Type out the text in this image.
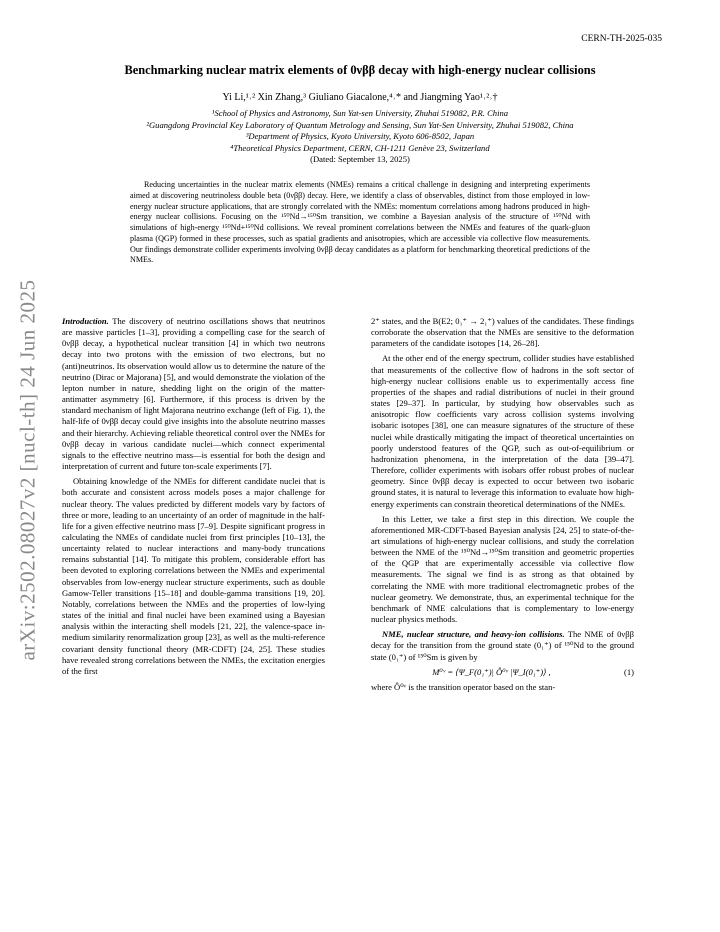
CERN-TH-2025-035
arXiv:2502.08027v2 [nucl-th] 24 Jun 2025
Benchmarking nuclear matrix elements of 0νββ decay with high-energy nuclear collisions
Yi Li,¹˒² Xin Zhang,³ Giuliano Giacalone,⁴˒* and Jiangming Yao¹˒²˒†
¹School of Physics and Astronomy, Sun Yat-sen University, Zhuhai 519082, P.R. China
²Guangdong Provincial Key Laboratory of Quantum Metrology and Sensing, Sun Yat-Sen University, Zhuhai 519082, China
³Department of Physics, Kyoto University, Kyoto 606-8502, Japan
⁴Theoretical Physics Department, CERN, CH-1211 Genève 23, Switzerland
(Dated: September 13, 2025)

Reducing uncertainties in the nuclear matrix elements (NMEs) remains a critical challenge in designing and interpreting experiments aimed at discovering neutrinoless double beta (0νββ) decay. Here, we identify a class of observables, distinct from those employed in low-energy nuclear structure applications, that are strongly correlated with the NMEs: momentum correlations among hadrons produced in high-energy nuclear collisions. Focusing on the ¹⁵⁰Nd→¹⁵⁰Sm transition, we combine a Bayesian analysis of the structure of ¹⁵⁰Nd with simulations of high-energy ¹⁵⁰Nd+¹⁵⁰Nd collisions. We reveal prominent correlations between the NMEs and features of the quark-gluon plasma (QGP) formed in these processes, such as spatial gradients and anisotropies, which are accessible via collective flow measurements. Our findings demonstrate collider experiments involving 0νββ decay candidates as a platform for benchmarking theoretical predictions of the NMEs.

Introduction. The discovery of neutrino oscillations shows that neutrinos are massive particles [1–3], providing a compelling case for the search of 0νββ decay, a hypothetical nuclear transition [4] in which two neutrons decay into two protons with the emission of two electrons, but no (anti)neutrinos. Its observation would allow us to determine the nature of the neutrino (Dirac or Majorana) [5], and would demonstrate the violation of the lepton number in nature, shedding light on the origin of the matter-antimatter asymmetry [6]. Furthermore, if this process is driven by the standard mechanism of light Majorana neutrino exchange (left of Fig. 1), the half-life of 0νββ decay could give insights into the absolute neutrino masses and their hierarchy. Achieving reliable theoretical control over the NMEs for 0νββ decay in various candidate nuclei—which connect experimental signals to the effective neutrino mass—is essential for both the design and interpretation of current and future ton-scale experiments [7].

Obtaining knowledge of the NMEs for different candidate nuclei that is both accurate and consistent across models poses a major challenge for nuclear theory. The values predicted by different models vary by factors of three or more, leading to an uncertainty of an order of magnitude in the half-life for a given effective neutrino mass [7–9]. Despite significant progress in calculating the NMEs of candidate nuclei from first principles [10–13], the uncertainty related to nuclear interactions and many-body truncations remains substantial [14]. To mitigate this problem, considerable effort has been devoted to exploring correlations between the NMEs and experimental observables from low-energy nuclear structure experiments, such as double Gamow-Teller transitions [15–18] and double-gamma transitions [19, 20]. Notably, correlations between the NMEs and the properties of low-lying states of the initial and final nuclei have been examined using a Bayesian analysis within the interacting shell models [21, 22], the valence-space in-medium similarity renormalization group [23], as well as the multi-reference covariant density functional theory (MR-CDFT) [24, 25]. These studies have revealed strong correlations between the NMEs, the excitation energies of the first

2⁺ states, and the B(E2; 0₁⁺ → 2₁⁺) values of the candidates. These findings corroborate the observation that the NMEs are sensitive to the deformation parameters of the candidate isotopes [14, 26–28].

At the other end of the energy spectrum, collider studies have established that measurements of the collective flow of hadrons in the soft sector of high-energy nuclear collisions enable us to experimentally access fine properties of the shapes and radial distributions of nuclei in their ground states [29–37]. In particular, by studying how observables such as anisotropic flow coefficients vary across collision systems involving isobaric isotopes [38], one can measure signatures of the structure of these nuclei while drastically mitigating the impact of theoretical uncertainties on poorly understood features of the QGP, such as out-of-equilibrium or hadronization phenomena, in the interpretation of the data [39–47]. Therefore, collider experiments with isobars offer robust probes of nuclear geometry. Since 0νββ decay is expected to occur between two isobaric ground states, it is natural to leverage this information to evaluate how high-energy experiments can constrain theoretical determinations of the NMEs.

In this Letter, we take a first step in this direction. We couple the aforementioned MR-CDFT-based Bayesian analysis [24, 25] to state-of-the-art simulations of high-energy nuclear collisions, and study the correlation between the NME of the ¹⁵⁰Nd→¹⁵⁰Sm transition and geometric properties of the QGP that are experimentally accessible via collective flow measurements. The signal we find is as strong as that obtained by correlating the NME with more traditional electromagnetic probes of the nuclear geometry. We demonstrate, thus, an experimental technique for the benchmark of NME calculations that is complementary to low-energy nuclear physics methods.

NME, nuclear structure, and heavy-ion collisions. The NME of 0νββ decay for the transition from the ground state (0₁⁺) of ¹⁵⁰Nd to the ground state (0₁⁺) of ¹⁵⁰Sm is given by

M⁰ᵛ = ⟨Ψ_F(0₁⁺)| Ô⁰ᵛ |Ψ_I(0₁⁺)⟩ ,	(1)

where Ô⁰ᵛ is the transition operator based on the stan-
